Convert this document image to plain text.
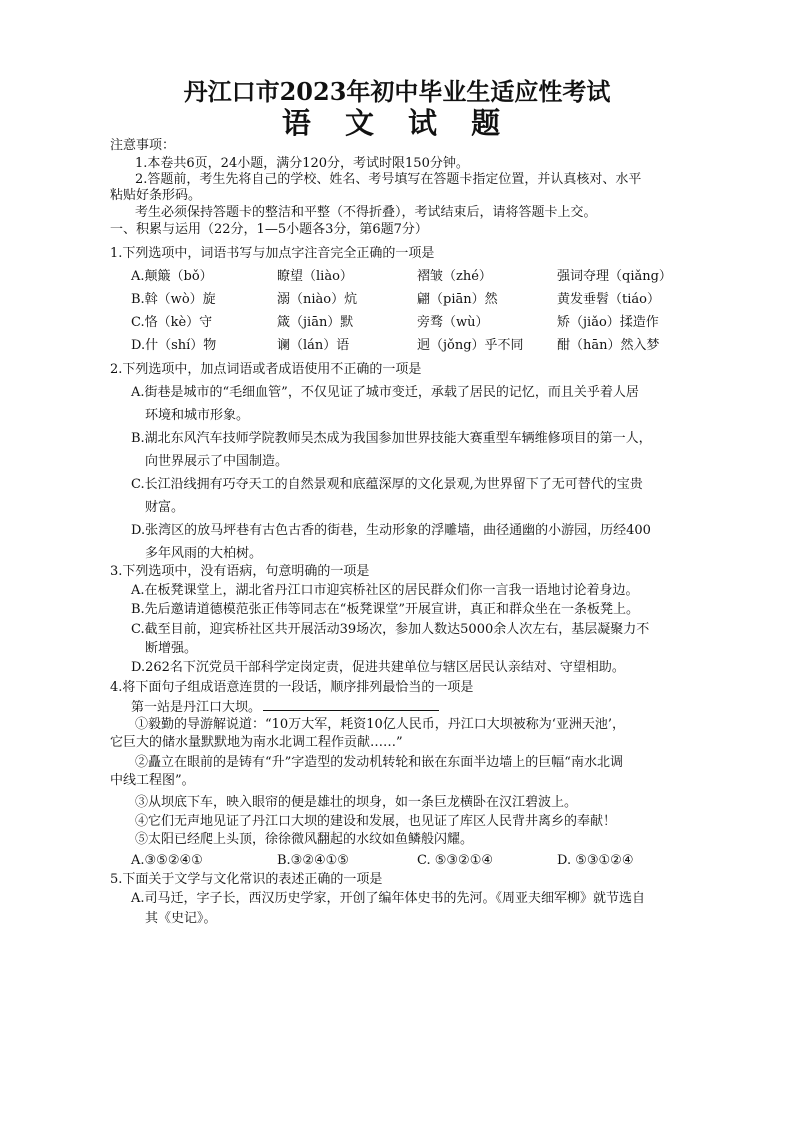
丹江口市2023年初中毕业生适应性考试
语 文 试 题
注意事项：
1.本卷共6页，24小题，满分120分，考试时限150分钟。
2.答题前，考生先将自己的学校、姓名、考号填写在答题卡指定位置，并认真核对、水平
粘贴好条形码。
考生必须保持答题卡的整洁和平整（不得折叠），考试结束后，请将答题卡上交。
一、积累与运用（22分，1—5小题各3分，第6题7分）
1.下列选项中，词语书写与加点字注音完全正确的一项是
A.颠簸（bǒ）	瞭望（liào）	褶皱（zhé）	强词夺理（qiǎng）
B.斡（wò）旋	溺（niào）炕	翩（piān）然	黄发垂髫（tiáo）
C.恪（kè）守	箴（jiān）默	旁骛（wù）	矫（jiǎo）揉造作
D.什（shí）物	谰（lán）语	迥（jǒng）乎不同	酣（hān）然入梦
2.下列选项中，加点词语或者成语使用不正确的一项是
A.街巷是城市的“毛细血管”，不仅见证了城市变迁，承载了居民的记忆，而且关乎着人居
环境和城市形象。
B.湖北东风汽车技师学院教师吴杰成为我国参加世界技能大赛重型车辆维修项目的第一人，
向世界展示了中国制造。
C.长江沿线拥有巧夺天工的自然景观和底蕴深厚的文化景观,为世界留下了无可替代的宝贵
财富。
D.张湾区的放马坪巷有古色古香的街巷，生动形象的浮雕墙，曲径通幽的小游园，历经400
多年风雨的大柏树。
3.下列选项中，没有语病，句意明确的一项是
A.在板凳课堂上，湖北省丹江口市迎宾桥社区的居民群众们你一言我一语地讨论着身边。
B.先后邀请道德模范张正伟等同志在“板凳课堂”开展宣讲，真正和群众坐在一条板凳上。
C.截至目前，迎宾桥社区共开展活动39场次，参加人数达5000余人次左右，基层凝聚力不
断增强。
D.262名下沉党员干部科学定岗定责，促进共建单位与辖区居民认亲结对、守望相助。
4.将下面句子组成语意连贯的一段话，顺序排列最恰当的一项是
第一站是丹江口大坝。
①毅勤的导游解说道：“10万大军，耗资10亿人民币，丹江口大坝被称为‘亚洲天池’，
它巨大的储水量默默地为南水北调工程作贡献……”
②矗立在眼前的是铸有“升”字造型的发动机转轮和嵌在东面半边墙上的巨幅“南水北调
中线工程图”。
③从坝底下车，映入眼帘的便是雄壮的坝身，如一条巨龙横卧在汉江碧波上。
④它们无声地见证了丹江口大坝的建设和发展，也见证了库区人民背井离乡的奉献！
⑤太阳已经爬上头顶，徐徐微风翻起的水纹如鱼鳞般闪耀。
A.③⑤②④①	B.③②④①⑤	C. ⑤③②①④	D. ⑤③①②④
5.下面关于文学与文化常识的表述正确的一项是
A.司马迁，字子长，西汉历史学家，开创了编年体史书的先河。《周亚夫细军柳》就节选自
其《史记》。
